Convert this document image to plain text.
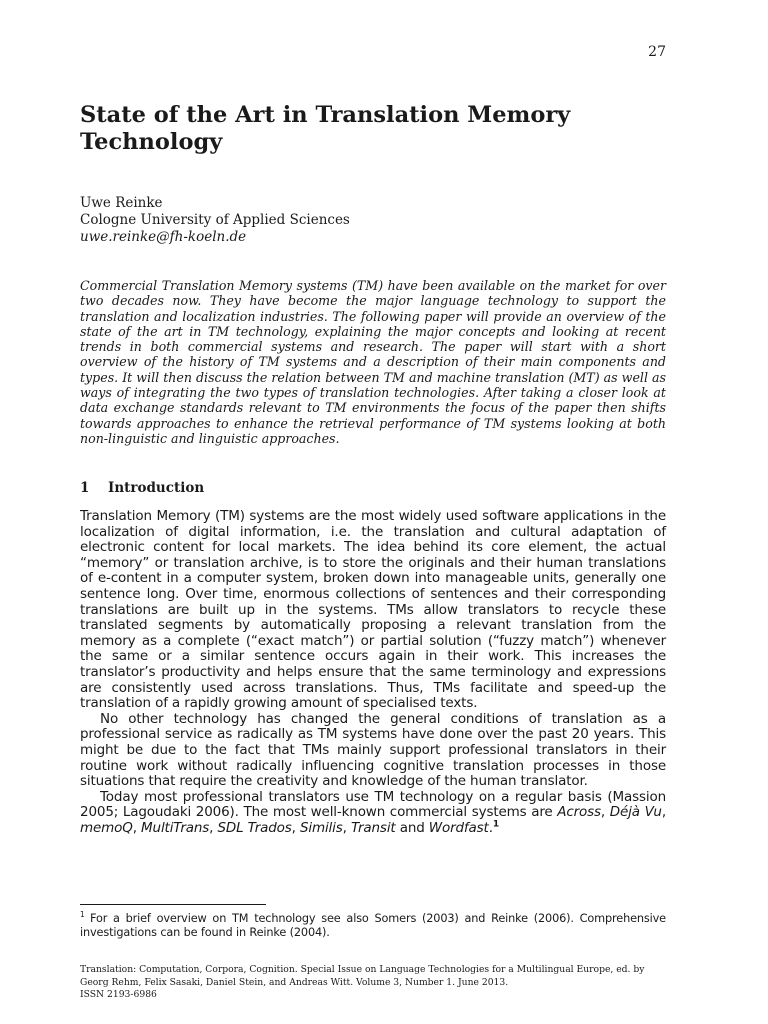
27
State of the Art in Translation Memory Technology
Uwe Reinke
Cologne University of Applied Sciences
uwe.reinke@fh-koeln.de

Commercial Translation Memory systems (TM) have been available on the market for over two decades now. They have become the major language technology to support the translation and localization industries. The following paper will provide an overview of the state of the art in TM technology, explaining the major concepts and looking at recent trends in both commercial systems and research. The paper will start with a short overview of the history of TM systems and a description of their main components and types. It will then discuss the relation between TM and machine translation (MT) as well as ways of integrating the two types of translation technologies. After taking a closer look at data exchange standards relevant to TM environments the focus of the paper then shifts towards approaches to enhance the retrieval performance of TM systems looking at both non-linguistic and linguistic approaches.

1 Introduction

Translation Memory (TM) systems are the most widely used software applications in the localization of digital information, i.e. the translation and cultural adaptation of electronic content for local markets. The idea behind its core element, the actual “memory” or translation archive, is to store the originals and their human translations of e-content in a computer system, broken down into manageable units, generally one sentence long. Over time, enormous collections of sentences and their corresponding translations are built up in the systems. TMs allow translators to recycle these translated segments by automatically proposing a relevant translation from the memory as a complete (“exact match”) or partial solution (“fuzzy match”) whenever the same or a similar sentence occurs again in their work. This increases the translator’s productivity and helps ensure that the same terminology and expressions are consistently used across translations. Thus, TMs facilitate and speed-up the translation of a rapidly growing amount of specialised texts.

No other technology has changed the general conditions of translation as a professional service as radically as TM systems have done over the past 20 years. This might be due to the fact that TMs mainly support professional translators in their routine work without radically influencing cognitive translation processes in those situations that require the creativity and knowledge of the human translator.

Today most professional translators use TM technology on a regular basis (Massion 2005; Lagoudaki 2006). The most well-known commercial systems are Across, Déjà Vu, memoQ, MultiTrans, SDL Trados, Similis, Transit and Wordfast.$^1$

1 For a brief overview on TM technology see also Somers (2003) and Reinke (2006). Comprehensive investigations can be found in Reinke (2004).
Translation: Computation, Corpora, Cognition. Special Issue on Language Technologies for a Multilingual Europe, ed. by Georg Rehm, Felix Sasaki, Daniel Stein, and Andreas Witt. Volume 3, Number 1. June 2013.
ISSN 2193-6986
